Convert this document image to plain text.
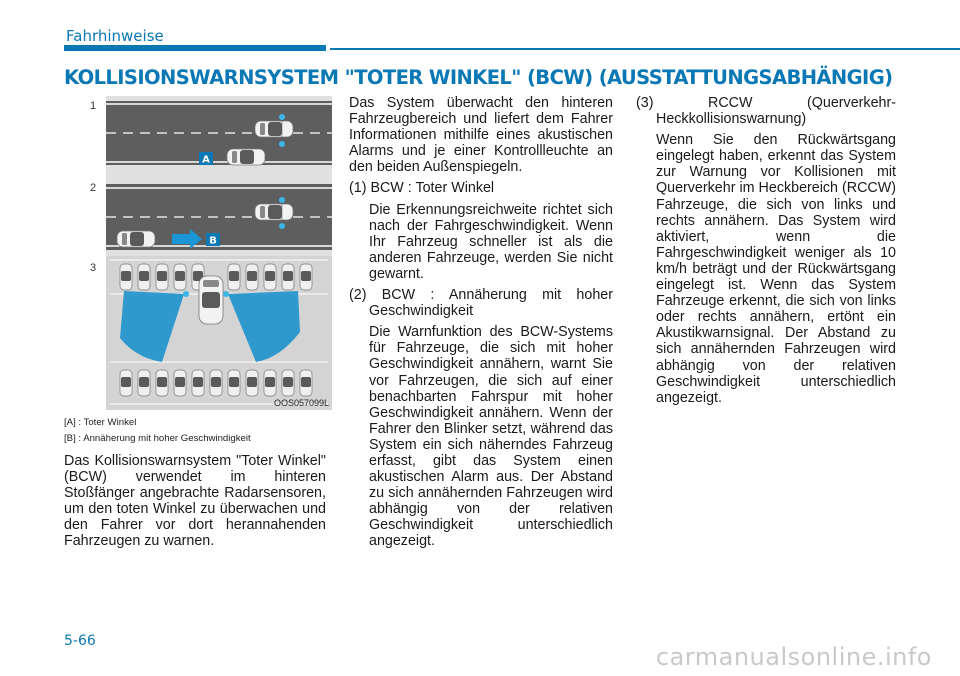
Fahrhinweise
KOLLISIONSWARNSYSTEM "TOTER WINKEL" (BCW) (AUSSTATTUNGSABHÄNGIG)
A
B
1
2
3
OOS057099L
[A] : Toter Winkel
[B] : Annäherung mit hoher Geschwindigkeit

Das Kollisionswarnsystem "Toter Winkel" (BCW) verwendet im hinteren Stoßfänger angebrachte Radarsensoren, um den toten Winkel zu überwachen und den Fahrer vor dort herannahenden Fahrzeugen zu warnen.

Das System überwacht den hinteren Fahrzeugbereich und liefert dem Fahrer Informationen mithilfe eines akustischen Alarms und je einer Kontrollleuchte an den beiden Außenspiegeln.

(1) BCW : Toter Winkel

Die Erkennungsreichweite richtet sich nach der Fahrgeschwindigkeit. Wenn Ihr Fahrzeug schneller ist als die anderen Fahrzeuge, werden Sie nicht gewarnt.

(2) BCW : Annäherung mit hoher Geschwindigkeit

Die Warnfunktion des BCW-Systems für Fahrzeuge, die sich mit hoher Geschwindigkeit annähern, warnt Sie vor Fahrzeugen, die sich auf einer benachbarten Fahrspur mit hoher Geschwindigkeit annähern. Wenn der Fahrer den Blinker setzt, während das System ein sich näherndes Fahrzeug erfasst, gibt das System einen akustischen Alarm aus. Der Abstand zu sich annähernden Fahrzeugen wird abhängig von der relativen Geschwindigkeit unterschiedlich angezeigt.

(3) RCCW (Querverkehr-Heckkollisionswarnung)

Wenn Sie den Rückwärtsgang eingelegt haben, erkennt das System zur Warnung vor Kollisionen mit Querverkehr im Heckbereich (RCCW) Fahrzeuge, die sich von links und rechts annähern. Das System wird aktiviert, wenn die Fahrgeschwindigkeit weniger als 10 km/h beträgt und der Rückwärtsgang eingelegt ist. Wenn das System Fahrzeuge erkennt, die sich von links oder rechts annähern, ertönt ein Akustikwarnsignal. Der Abstand zu sich annähernden Fahrzeugen wird abhängig von der relativen Geschwindigkeit unterschiedlich angezeigt.

5-66
carmanualsonline.info
